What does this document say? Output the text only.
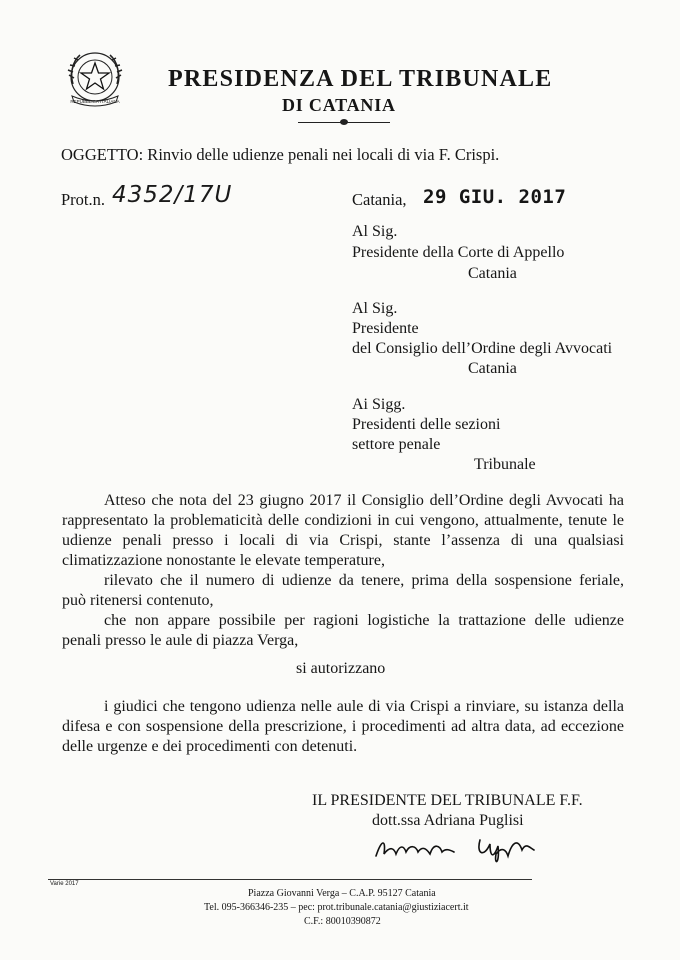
REPUBBLICA ITALIANA
PRESIDENZA DEL TRIBUNALE
DI CATANIA
OGGETTO: Rinvio delle udienze penali nei locali di via F. Crispi.
Prot.n. 4352/17U	Catania, 29 GIU. 2017
Al Sig.
Presidente della Corte di Appello
Catania
Al Sig.
Presidente
del Consiglio dell’Ordine degli Avvocati
Catania
Ai Sigg.
Presidenti delle sezioni
settore penale
Tribunale
Atteso che nota del 23 giugno 2017 il Consiglio dell’Ordine degli Avvocati ha
rappresentato la problematicità delle condizioni in cui vengono, attualmente, tenute le
udienze penali presso i locali di via Crispi, stante l’assenza di una qualsiasi
climatizzazione nonostante le elevate temperature,
rilevato che il numero di udienze da tenere, prima della sospensione feriale,
può ritenersi contenuto,
che non appare possibile per ragioni logistiche la trattazione delle udienze
penali presso le aule di piazza Verga,
si autorizzano
i giudici che tengono udienza nelle aule di via Crispi a rinviare, su istanza della
difesa e con sospensione della prescrizione, i procedimenti ad altra data, ad eccezione
delle urgenze e dei procedimenti con detenuti.
IL PRESIDENTE DEL TRIBUNALE F.F.
dott.ssa Adriana Puglisi
Varie 2017
Piazza Giovanni Verga – C.A.P. 95127 Catania
Tel. 095-366346-235 – pec: prot.tribunale.catania@giustiziacert.it
C.F.: 80010390872
